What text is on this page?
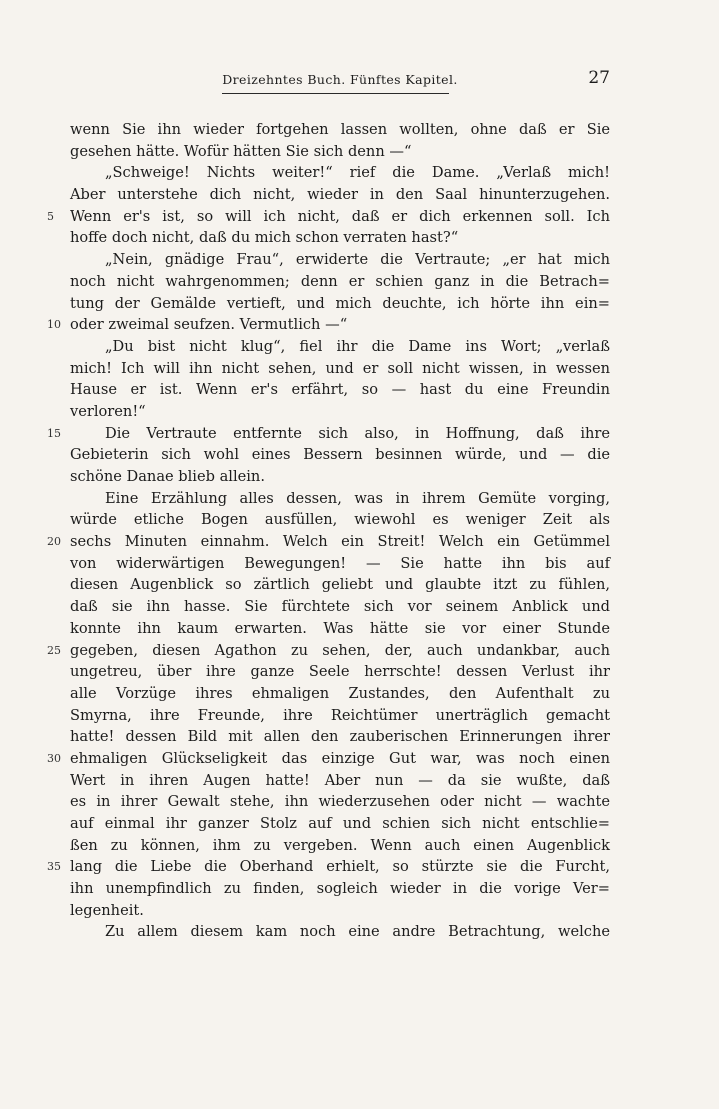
Dreizehntes Buch. Fünftes Kapitel.	27
wenn Sie ihn wieder fortgehen lassen wollten, ohne daß er Sie
gesehen hätte. Wofür hätten Sie sich denn —“
„Schweige! Nichts weiter!“ rief die Dame. „Verlaß mich!
Aber unterstehe dich nicht, wieder in den Saal hinunterzugehen.
Wenn er's ist, so will ich nicht, daß er dich erkennen soll. Ich
5
hoffe doch nicht, daß du mich schon verraten hast?“
„Nein, gnädige Frau“, erwiderte die Vertraute; „er hat mich
noch nicht wahrgenommen; denn er schien ganz in die Betrach=
tung der Gemälde vertieft, und mich deuchte, ich hörte ihn ein=
oder zweimal seufzen. Vermutlich —“
10
„Du bist nicht klug“, fiel ihr die Dame ins Wort; „verlaß
mich! Ich will ihn nicht sehen, und er soll nicht wissen, in wessen
Hause er ist. Wenn er's erfährt, so — hast du eine Freundin
verloren!“
Die Vertraute entfernte sich also, in Hoffnung, daß ihre
15
Gebieterin sich wohl eines Bessern besinnen würde, und — die
schöne Danae blieb allein.
Eine Erzählung alles dessen, was in ihrem Gemüte vorging,
würde etliche Bogen ausfüllen, wiewohl es weniger Zeit als
sechs Minuten einnahm. Welch ein Streit! Welch ein Getümmel
20
von widerwärtigen Bewegungen! — Sie hatte ihn bis auf
diesen Augenblick so zärtlich geliebt und glaubte itzt zu fühlen,
daß sie ihn hasse. Sie fürchtete sich vor seinem Anblick und
konnte ihn kaum erwarten. Was hätte sie vor einer Stunde
gegeben, diesen Agathon zu sehen, der, auch undankbar, auch
25
ungetreu, über ihre ganze Seele herrschte! dessen Verlust ihr
alle Vorzüge ihres ehmaligen Zustandes, den Aufenthalt zu
Smyrna, ihre Freunde, ihre Reichtümer unerträglich gemacht
hatte! dessen Bild mit allen den zauberischen Erinnerungen ihrer
ehmaligen Glückseligkeit das einzige Gut war, was noch einen
30
Wert in ihren Augen hatte! Aber nun — da sie wußte, daß
es in ihrer Gewalt stehe, ihn wiederzusehen oder nicht — wachte
auf einmal ihr ganzer Stolz auf und schien sich nicht entschlie=
ßen zu können, ihm zu vergeben. Wenn auch einen Augenblick
lang die Liebe die Oberhand erhielt, so stürzte sie die Furcht,
35
ihn unempfindlich zu finden, sogleich wieder in die vorige Ver=
legenheit.
Zu allem diesem kam noch eine andre Betrachtung, welche
